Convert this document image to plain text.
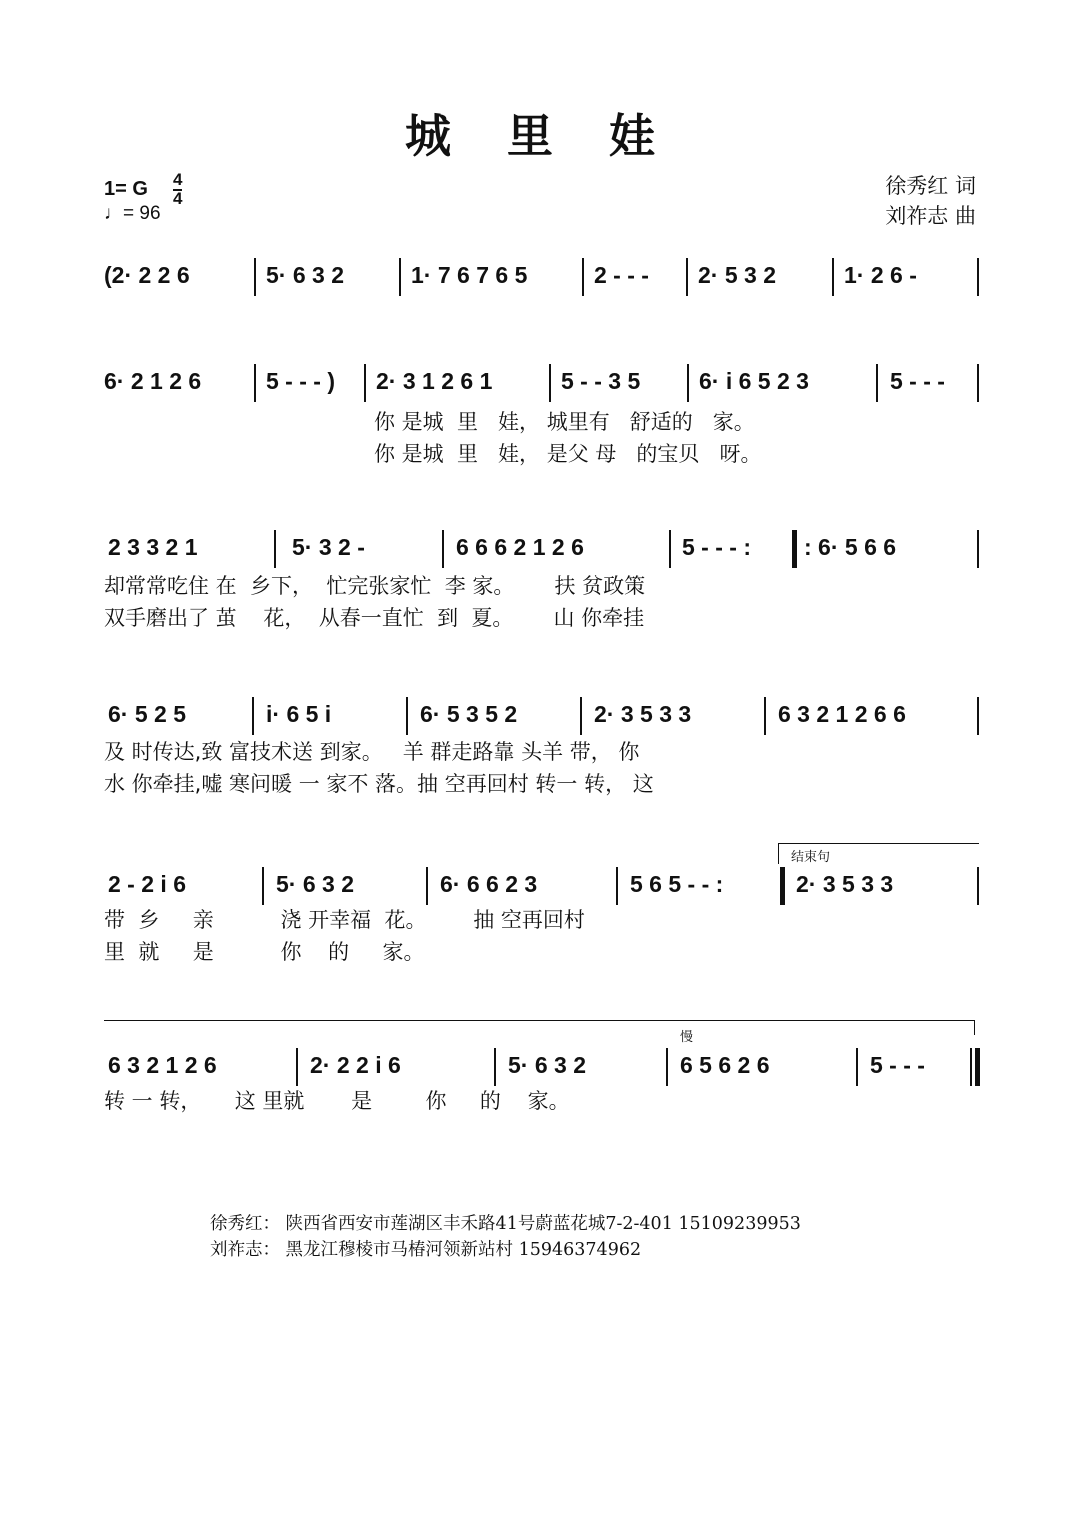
城 里 娃
徐秀红 词
刘祚志 曲
1= G 4
4
♩= 96
(2· 2 2 6	5· 6 3 2	1· 7 6 7 6 5	2 - - - 2· 5 3 2	1· 2 6 -
6· 2 1 2 6	5 - - - ) 2· 3 1 2 6 1	5 - - 3 5	6· i 6 5 2 3	5 - - -
你 是城  里   娃， 城里有   舒适的   家。
你 是城  里   娃， 是父 母   的宝贝   呀。
2 3 3 2 1	5· 3 2 -	6 6 6 2 1 2 6	5 - - - : : 6· 5 6 6
却常常吃住 在  乡下，  忙完张家忙  李 家。      扶 贫政策
双手磨出了 茧    花，  从春一直忙  到  夏。      山 你牵挂
6· 5 2 5	i· 6 5 i	6· 5 3 5 2	2· 3 5 3 3	6 3 2 1 2 6 6
及 时传达,致 富技术送 到家。   羊 群走路靠 头羊 带， 你
水 你牵挂,嘘 寒问暖 一 家不 落。抽 空再回村 转一 转， 这
结束句
2 - 2 i 6	5· 6 3 2	6· 6 6 2 3	5 6 5 - - :	2· 3 5 3 3
带  乡     亲          浇 开幸福  花。       抽 空再回村
里  就     是          你    的     家。
慢
6 3 2 1 2 6	2· 2 2 i 6	5· 6 3 2	6 5 6 2 6	5 - - -
转 一 转，     这 里就       是        你     的    家。
徐秀红： 陕西省西安市莲湖区丰禾路41号蔚蓝花城7-2-401 15109239953
刘祚志： 黑龙江穆棱市马椿河领新站村 15946374962
